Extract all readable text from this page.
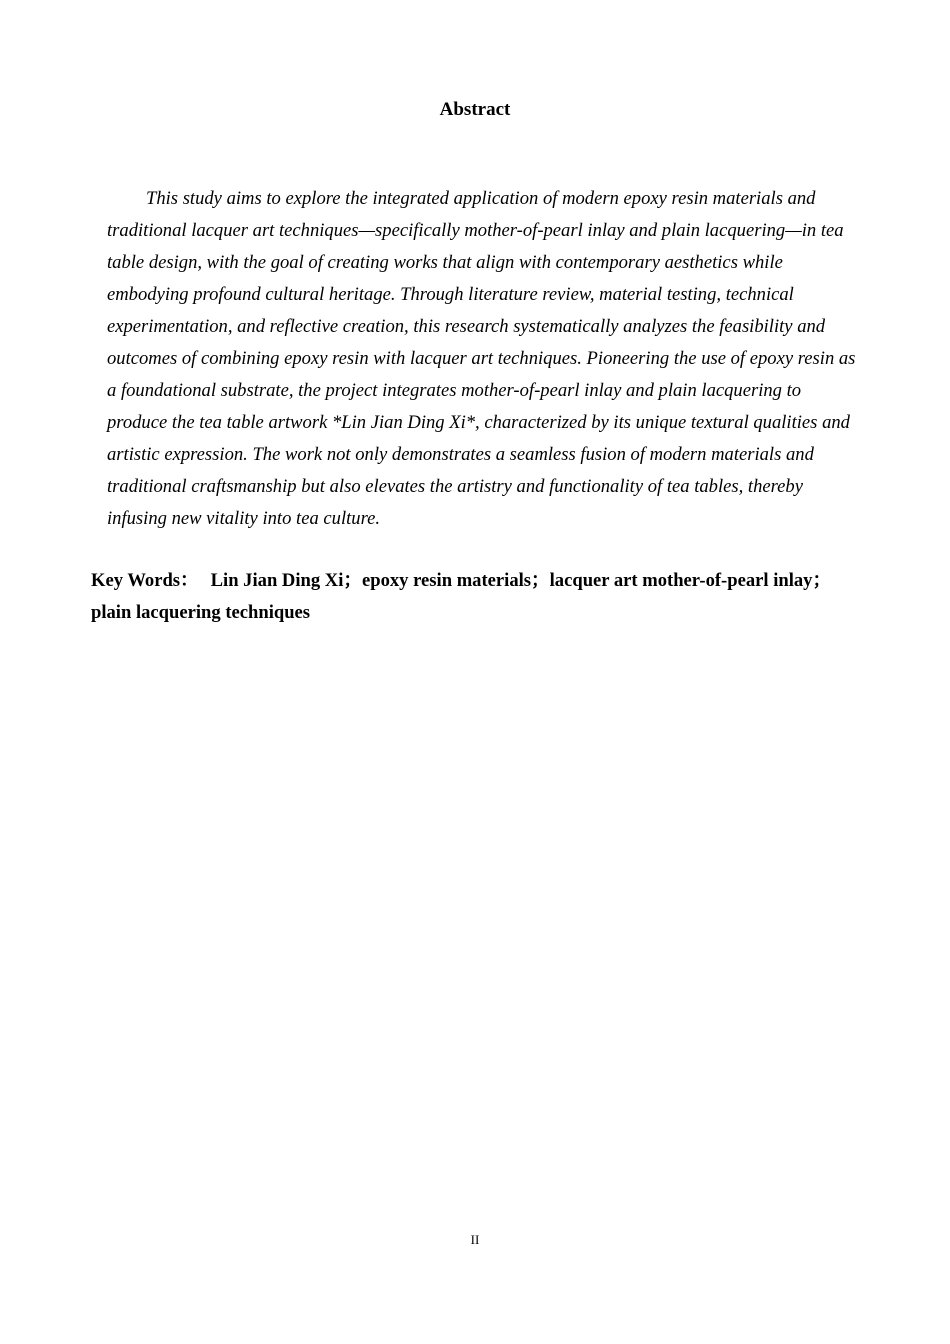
Abstract

This study aims to explore the integrated application of modern epoxy resin materials and traditional lacquer art techniques—specifically mother-of-pearl inlay and plain lacquering—in tea table design, with the goal of creating works that align with contemporary aesthetics while embodying profound cultural heritage. Through literature review, material testing, technical experimentation, and reflective creation, this research systematically analyzes the feasibility and outcomes of combining epoxy resin with lacquer art techniques. Pioneering the use of epoxy resin as a foundational substrate, the project integrates mother-of-pearl inlay and plain lacquering to produce the tea table artwork *Lin Jian Ding Xi*, characterized by its unique textural qualities and artistic expression. The work not only demonstrates a seamless fusion of modern materials and traditional craftsmanship but also elevates the artistry and functionality of tea tables, thereby infusing new vitality into tea culture.

Key Words： Lin Jian Ding Xi；epoxy resin materials；lacquer art mother-of-pearl inlay；plain lacquering techniques
II
